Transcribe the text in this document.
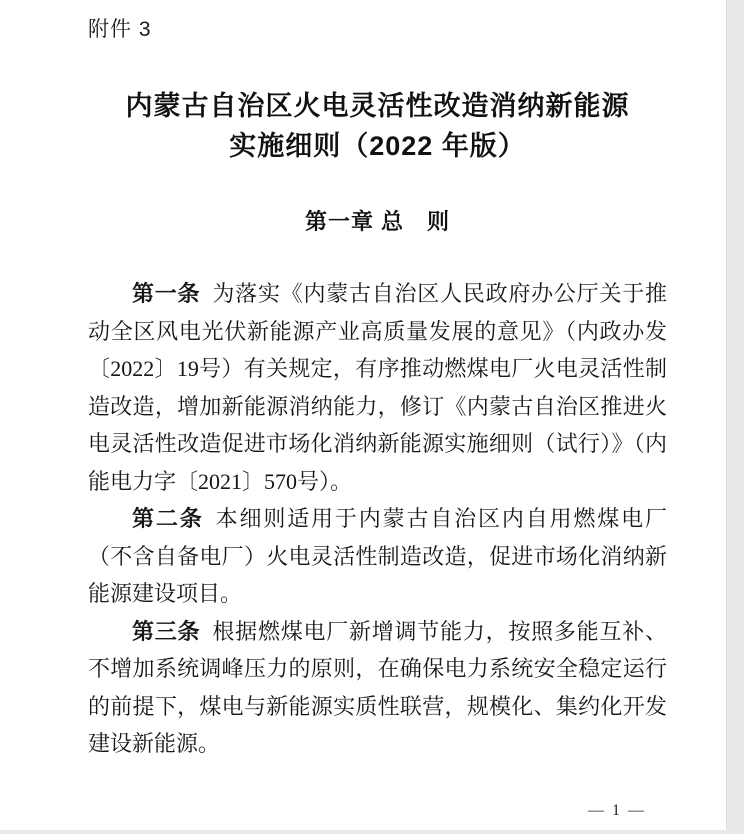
附件 3
内蒙古自治区火电灵活性改造消纳新能源
实施细则（2022 年版）
第一章 总　则

第一条 为落实《内蒙古自治区人民政府办公厅关于推动全区风电光伏新能源产业高质量发展的意见》（内政办发〔2022〕19号）有关规定，有序推动燃煤电厂火电灵活性制造改造，增加新能源消纳能力，修订《内蒙古自治区推进火电灵活性改造促进市场化消纳新能源实施细则（试行）》（内能电力字〔2021〕570号）。

第二条 本细则适用于内蒙古自治区内自用燃煤电厂（不含自备电厂）火电灵活性制造改造，促进市场化消纳新能源建设项目。

第三条 根据燃煤电厂新增调节能力，按照多能互补、不增加系统调峰压力的原则，在确保电力系统安全稳定运行的前提下，煤电与新能源实质性联营，规模化、集约化开发建设新能源。

— 1 —
